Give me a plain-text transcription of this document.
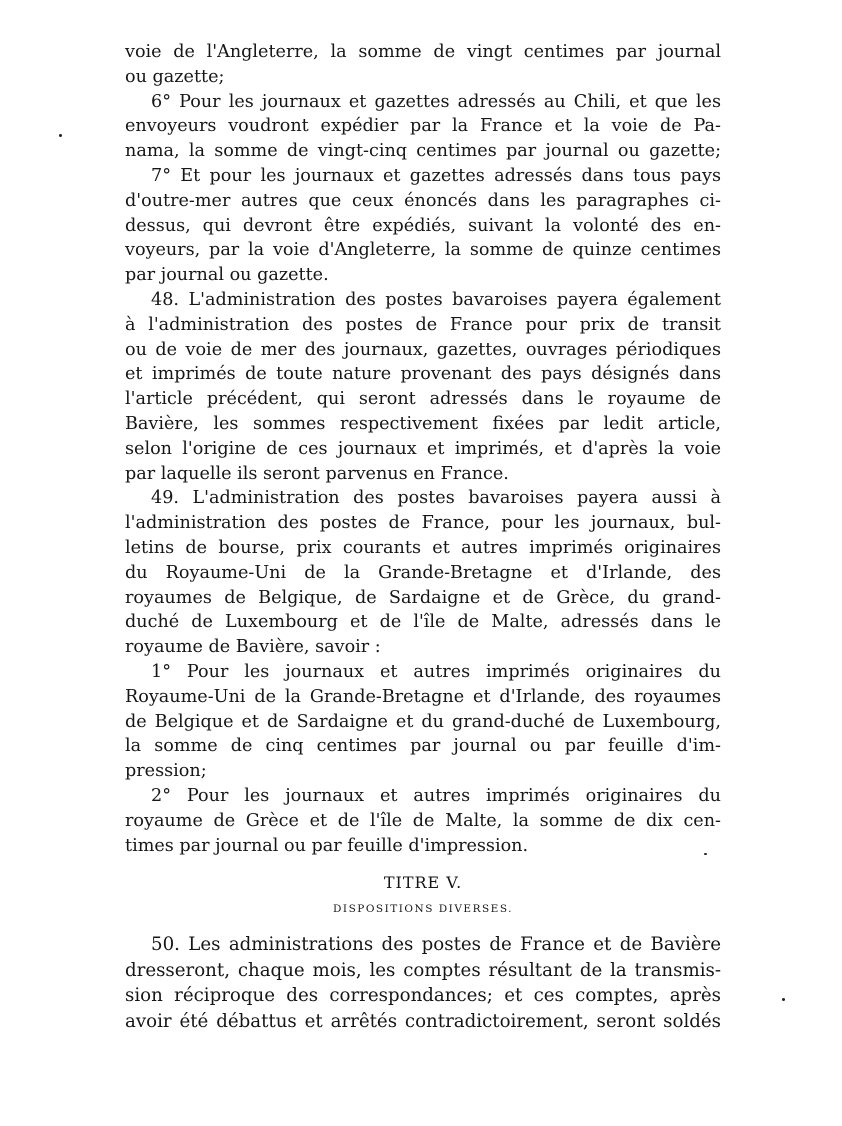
voie de l'Angleterre, la somme de vingt centimes par journal
ou gazette;
6° Pour les journaux et gazettes adressés au Chili, et que les
envoyeurs voudront expédier par la France et la voie de Pa-
nama, la somme de vingt-cinq centimes par journal ou gazette;
7° Et pour les journaux et gazettes adressés dans tous pays
d'outre-mer autres que ceux énoncés dans les paragraphes ci-
dessus, qui devront être expédiés, suivant la volonté des en-
voyeurs, par la voie d'Angleterre, la somme de quinze centimes
par journal ou gazette.
48. L'administration des postes bavaroises payera également
à l'administration des postes de France pour prix de transit
ou de voie de mer des journaux, gazettes, ouvrages périodiques
et imprimés de toute nature provenant des pays désignés dans
l'article précédent, qui seront adressés dans le royaume de
Bavière, les sommes respectivement fixées par ledit article,
selon l'origine de ces journaux et imprimés, et d'après la voie
par laquelle ils seront parvenus en France.
49. L'administration des postes bavaroises payera aussi à
l'administration des postes de France, pour les journaux, bul-
letins de bourse, prix courants et autres imprimés originaires
du Royaume-Uni de la Grande-Bretagne et d'Irlande, des
royaumes de Belgique, de Sardaigne et de Grèce, du grand-
duché de Luxembourg et de l'île de Malte, adressés dans le
royaume de Bavière, savoir :
1° Pour les journaux et autres imprimés originaires du
Royaume-Uni de la Grande-Bretagne et d'Irlande, des royaumes
de Belgique et de Sardaigne et du grand-duché de Luxembourg,
la somme de cinq centimes par journal ou par feuille d'im-
pression;
2° Pour les journaux et autres imprimés originaires du
royaume de Grèce et de l'île de Malte, la somme de dix cen-
times par journal ou par feuille d'impression.
TITRE V.
DISPOSITIONS DIVERSES.
50. Les administrations des postes de France et de Bavière
dresseront, chaque mois, les comptes résultant de la transmis-
sion réciproque des correspondances; et ces comptes, après
avoir été débattus et arrêtés contradictoirement, seront soldés
